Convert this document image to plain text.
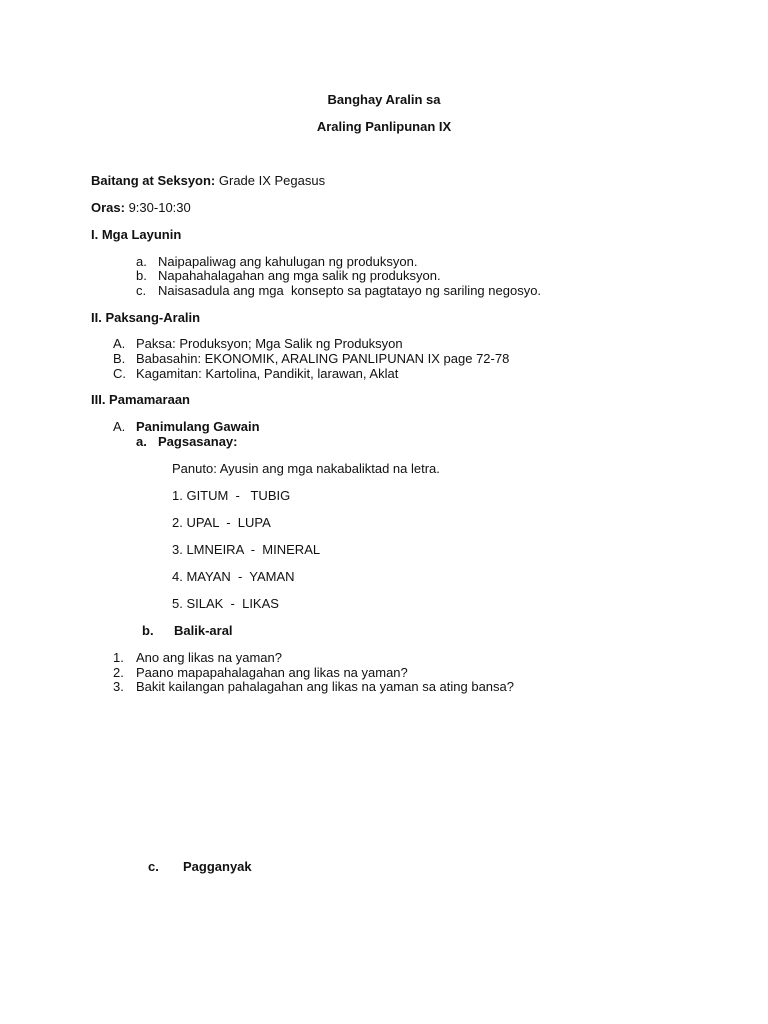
Banghay Aralin sa
Araling Panlipunan IX
Baitang at Seksyon: Grade IX Pegasus
Oras: 9:30-10:30
I. Mga Layunin
a. Naipapaliwag ang kahulugan ng produksyon.
b. Napahahalagahan ang mga salik ng produksyon.
c. Naisasadula ang mga  konsepto sa pagtatayo ng sariling negosyo.
II. Paksang-Aralin
A. Paksa: Produksyon; Mga Salik ng Produksyon
B. Babasahin: EKONOMIK, ARALING PANLIPUNAN IX page 72-78
C. Kagamitan: Kartolina, Pandikit, larawan, Aklat
III. Pamamaraan
A. Panimulang Gawain
a. Pagsasanay:
Panuto: Ayusin ang mga nakabaliktad na letra.
1. GITUM  -   TUBIG
2. UPAL  -  LUPA
3. LMNEIRA  -  MINERAL
4. MAYAN  -  YAMAN
5. SILAK  -  LIKAS
b.	Balik-aral
1. Ano ang likas na yaman?
2. Paano mapapahalagahan ang likas na yaman?
3. Bakit kailangan pahalagahan ang likas na yaman sa ating bansa?
c.	Pagganyak
